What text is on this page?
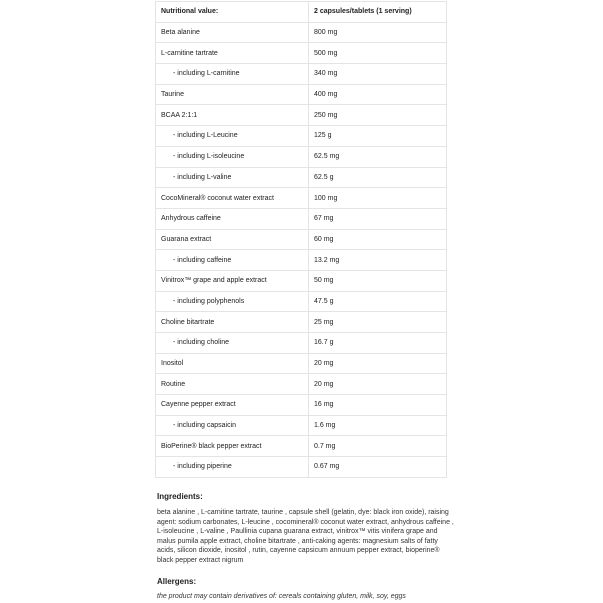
Nutritional value:	2 capsules/tablets (1 serving)
Beta alanine	800 mg
L-carnitine tartrate	500 mg
- including L-carnitine	340 mg
Taurine	400 mg
BCAA 2:1:1	250 mg
- including L-Leucine	125 g
- including L-isoleucine	62.5 mg
- including L-valine	62.5 g
CocoMineral® coconut water extract	100 mg
Anhydrous caffeine	67 mg
Guarana extract	60 mg
- including caffeine	13.2 mg
Vinitrox™ grape and apple extract	50 mg
- including polyphenols	47.5 g
Choline bitartrate	25 mg
- including choline	16.7 g
Inositol	20 mg
Routine	20 mg
Cayenne pepper extract	16 mg
- including capsaicin	1.6 mg
BioPerine® black pepper extract	0.7 mg
- including piperine	0.67 mg
Ingredients:

beta alanine , L-carnitine tartrate, taurine , capsule shell (gelatin, dye: black iron oxide), raising agent: sodium carbonates, L-leucine , cocomineral® coconut water extract, anhydrous caffeine , L-isoleucine , L-valine , Paullinia cupana guarana extract, vinitrox™ vitis vinifera grape and malus pumila apple extract, choline bitartrate , anti-caking agents: magnesium salts of fatty acids, silicon dioxide, inositol , rutin, cayenne capsicum annuum pepper extract, bioperine® black pepper extract nigrum

Allergens:

the product may contain derivatives of: cereals containing gluten, milk, soy, eggs
